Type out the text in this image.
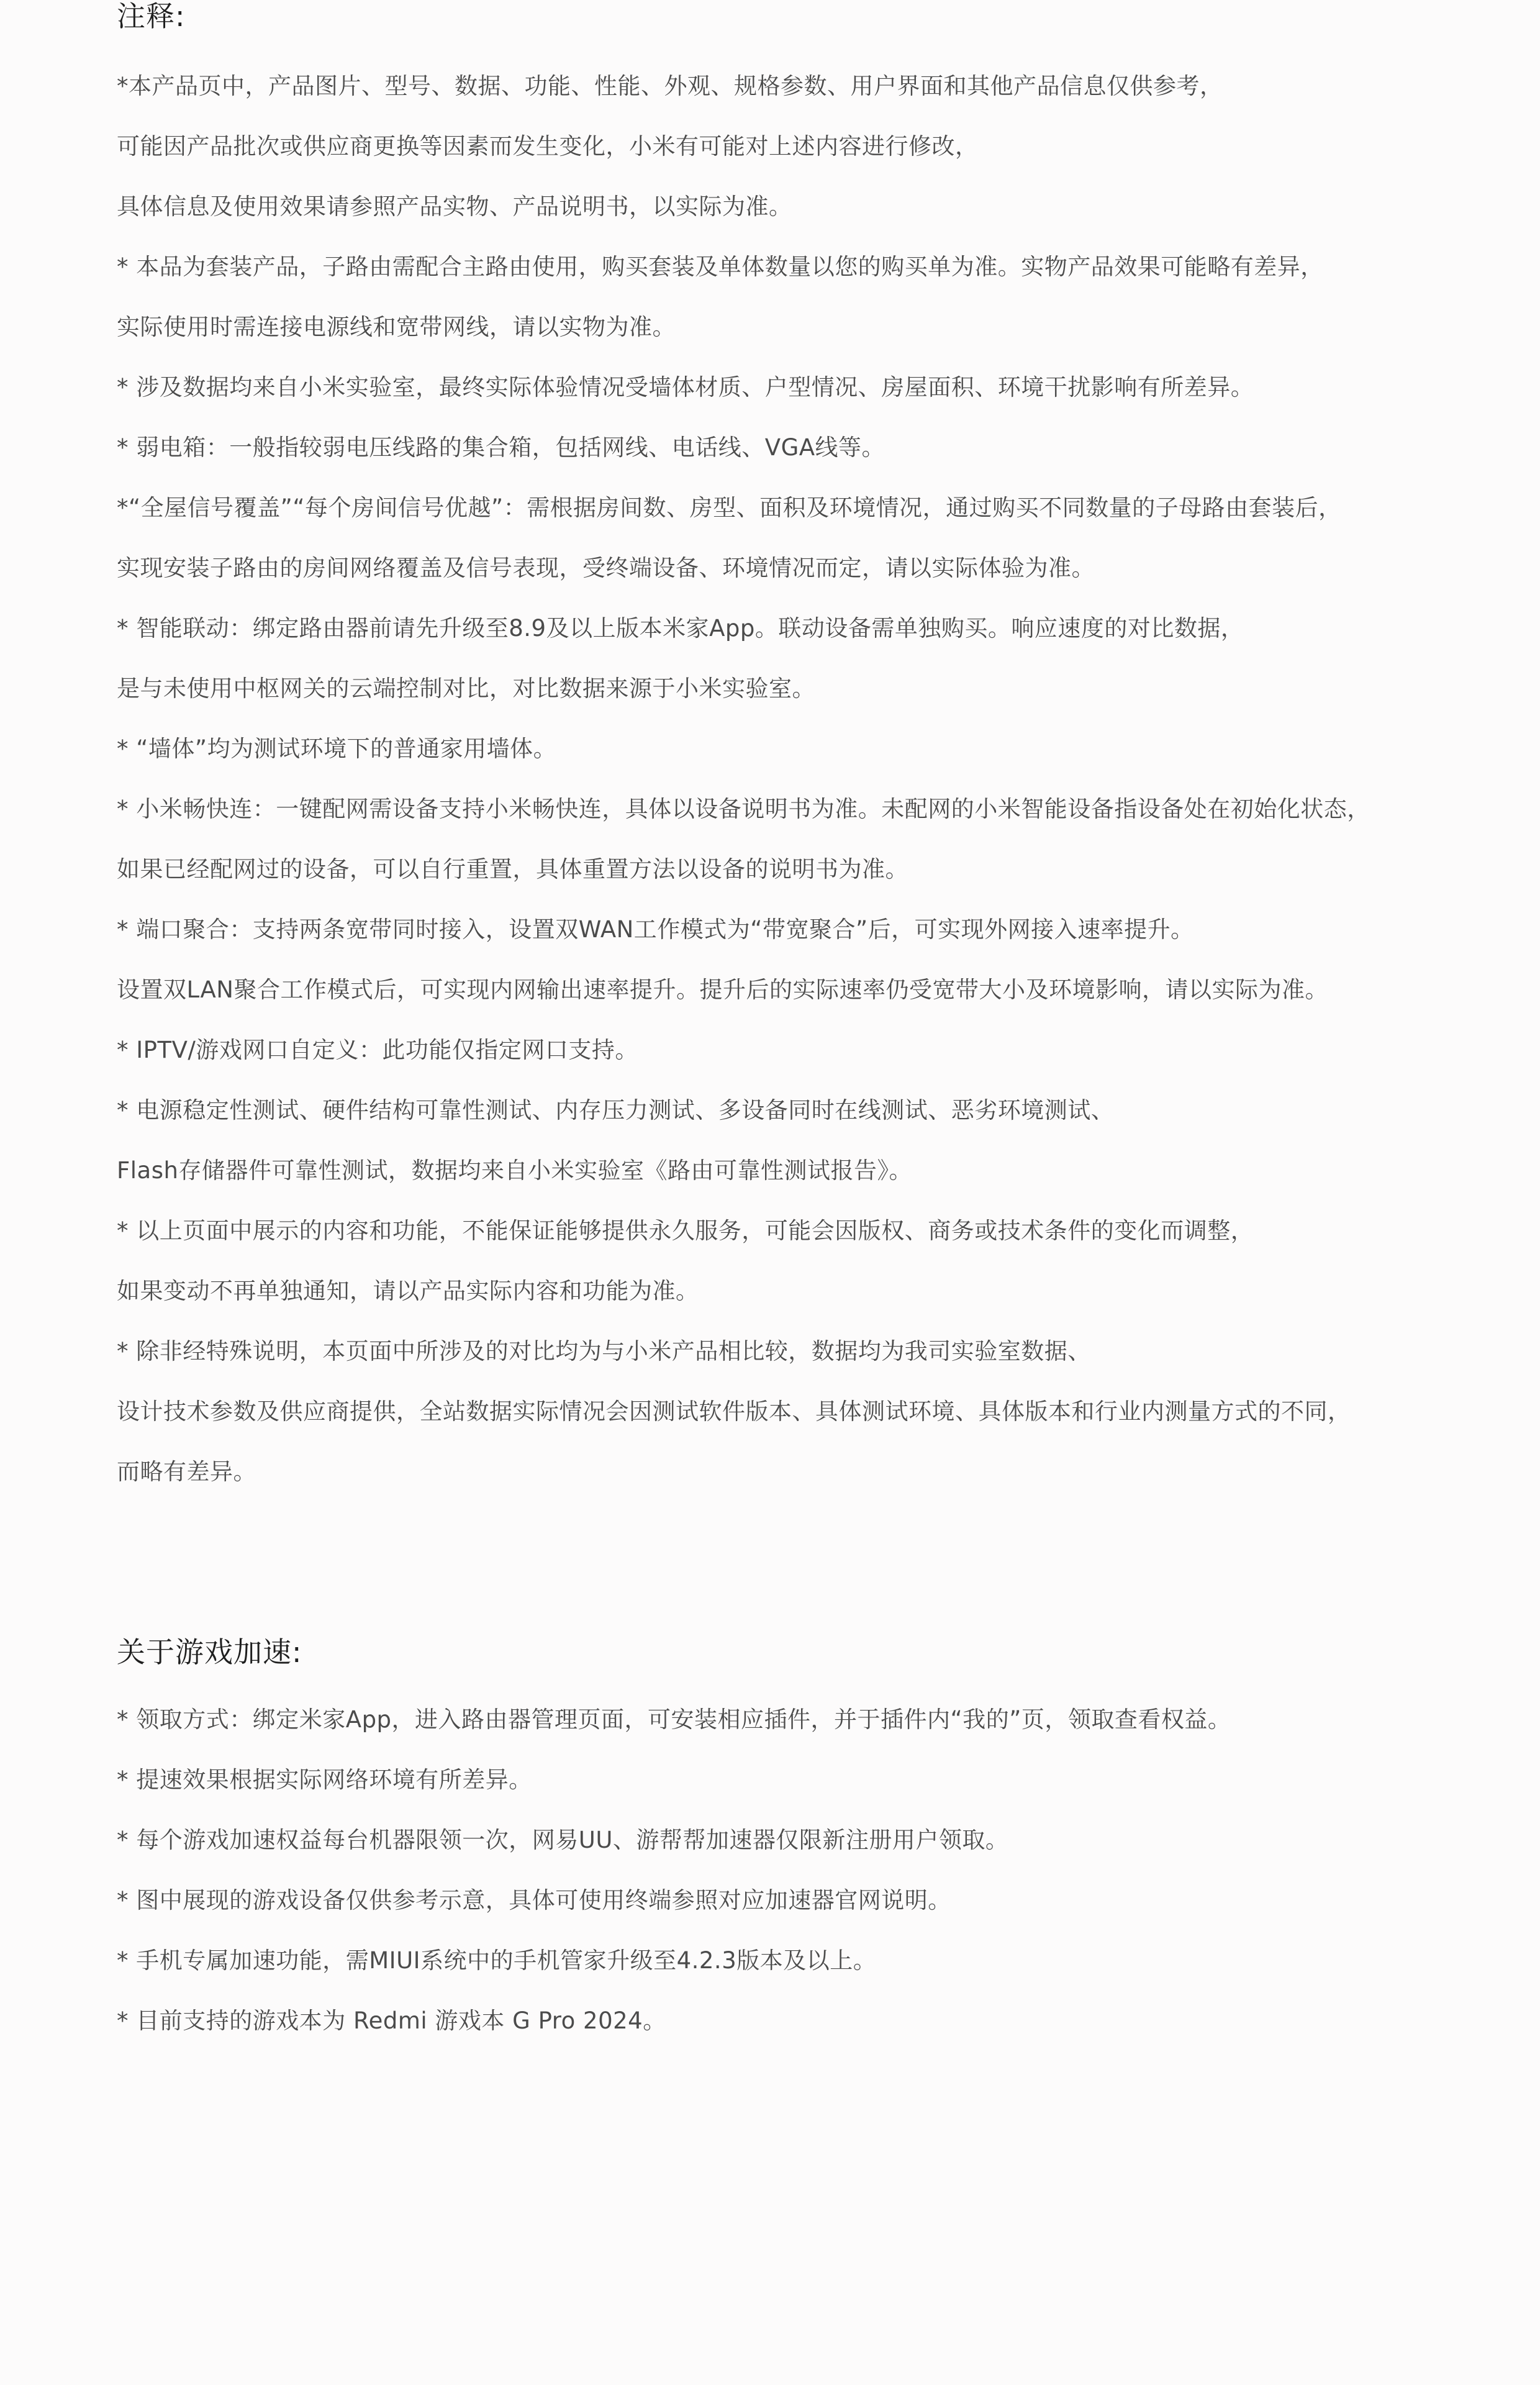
注释:
*本产品页中，产品图片、型号、数据、功能、性能、外观、规格参数、用户界面和其他产品信息仅供参考，
可能因产品批次或供应商更换等因素而发生变化，小米有可能对上述内容进行修改，
具体信息及使用效果请参照产品实物、产品说明书，以实际为准。
* 本品为套装产品，子路由需配合主路由使用，购买套装及单体数量以您的购买单为准。实物产品效果可能略有差异，
实际使用时需连接电源线和宽带网线，请以实物为准。
* 涉及数据均来自小米实验室，最终实际体验情况受墙体材质、户型情况、房屋面积、环境干扰影响有所差异。
* 弱电箱：一般指较弱电压线路的集合箱，包括网线、电话线、VGA线等。
*“全屋信号覆盖”“每个房间信号优越”：需根据房间数、房型、面积及环境情况，通过购买不同数量的子母路由套装后，
实现安装子路由的房间网络覆盖及信号表现，受终端设备、环境情况而定，请以实际体验为准。
* 智能联动：绑定路由器前请先升级至8.9及以上版本米家App。联动设备需单独购买。响应速度的对比数据，
是与未使用中枢网关的云端控制对比，对比数据来源于小米实验室。
* “墙体”均为测试环境下的普通家用墙体。
* 小米畅快连：一键配网需设备支持小米畅快连，具体以设备说明书为准。未配网的小米智能设备指设备处在初始化状态，
如果已经配网过的设备，可以自行重置，具体重置方法以设备的说明书为准。
* 端口聚合：支持两条宽带同时接入，设置双WAN工作模式为“带宽聚合”后，可实现外网接入速率提升。
设置双LAN聚合工作模式后，可实现内网输出速率提升。提升后的实际速率仍受宽带大小及环境影响，请以实际为准。
* IPTV/游戏网口自定义：此功能仅指定网口支持。
* 电源稳定性测试、硬件结构可靠性测试、内存压力测试、多设备同时在线测试、恶劣环境测试、
Flash存储器件可靠性测试，数据均来自小米实验室《路由可靠性测试报告》。
* 以上页面中展示的内容和功能，不能保证能够提供永久服务，可能会因版权、商务或技术条件的变化而调整，
如果变动不再单独通知，请以产品实际内容和功能为准。
* 除非经特殊说明，本页面中所涉及的对比均为与小米产品相比较，数据均为我司实验室数据、
设计技术参数及供应商提供，全站数据实际情况会因测试软件版本、具体测试环境、具体版本和行业内测量方式的不同，
而略有差异。
关于游戏加速:
* 领取方式：绑定米家App，进入路由器管理页面，可安装相应插件，并于插件内“我的”页，领取查看权益。
* 提速效果根据实际网络环境有所差异。
* 每个游戏加速权益每台机器限领一次，网易UU、游帮帮加速器仅限新注册用户领取。
* 图中展现的游戏设备仅供参考示意，具体可使用终端参照对应加速器官网说明。
* 手机专属加速功能，需MIUI系统中的手机管家升级至4.2.3版本及以上。
* 目前支持的游戏本为 Redmi 游戏本 G Pro 2024。
